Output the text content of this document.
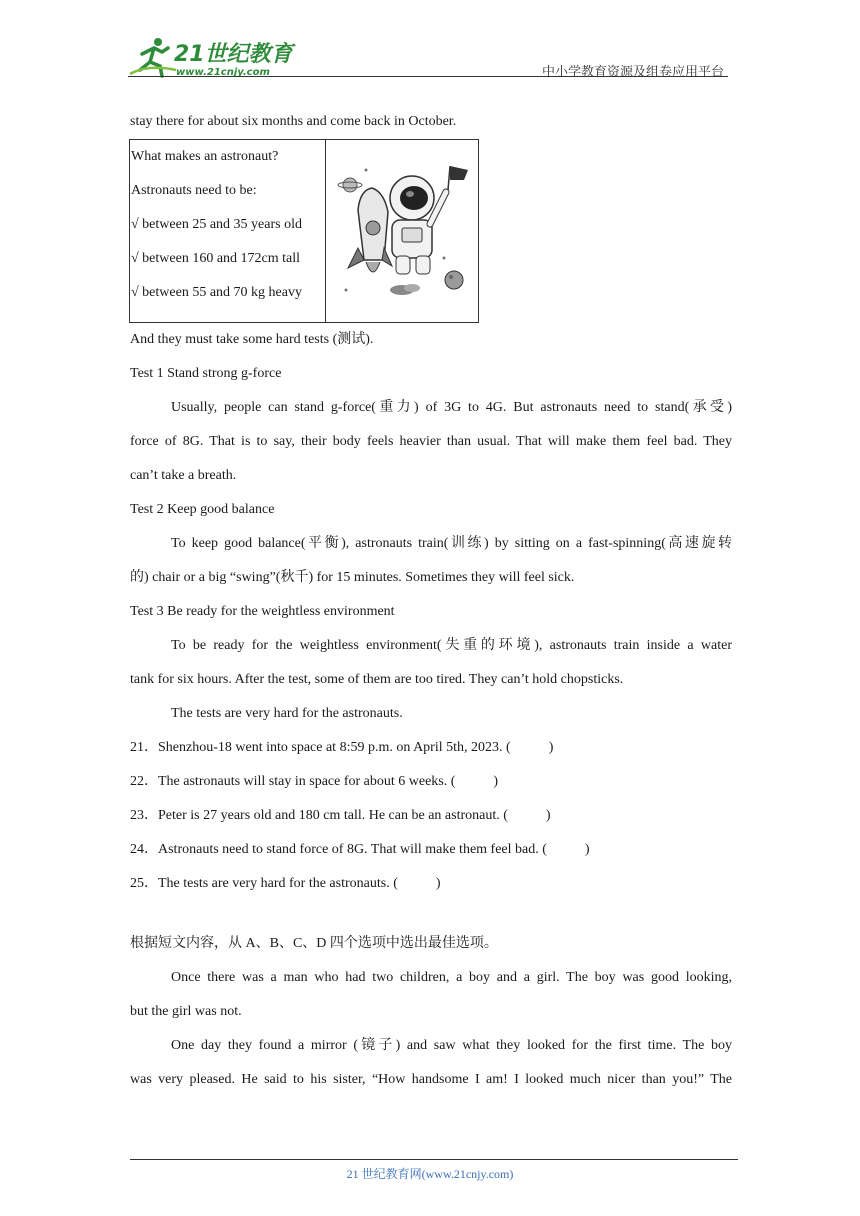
21世纪教育
www.21cnjy.com	中小学教育资源及组卷应用平台
stay there for about six months and come back in October.
What makes an astronaut?
Astronauts need to be:
√ between 25 and 35 years old
√ between 160 and 172cm tall
√ between 55 and 70 kg heavy
And they must take some hard tests (测试).
Test 1 Stand strong g-force
Usually, people can stand g-force(重力) of 3G to 4G. But astronauts need to stand(承受)
force of 8G. That is to say, their body feels heavier than usual. That will make them feel bad. They
can’t take a breath.
Test 2 Keep good balance
To keep good balance(平衡), astronauts train(训练) by sitting on a fast-spinning(高速旋转
的) chair or a big “swing”(秋千) for 15 minutes. Sometimes they will feel sick.
Test 3 Be ready for the weightless environment
To be ready for the weightless environment(失重的环境), astronauts train inside a water
tank for six hours. After the test, some of them are too tired. They can’t hold chopsticks.
The tests are very hard for the astronauts.
21．Shenzhou-18 went into space at 8:59 p.m. on April 5th, 2023. (	)
22．The astronauts will stay in space for about 6 weeks. (	)
23．Peter is 27 years old and 180 cm tall. He can be an astronaut. (	)
24．Astronauts need to stand force of 8G. That will make them feel bad. (	)
25．The tests are very hard for the astronauts. (	)
根据短文内容，从 A、B、C、D 四个选项中选出最佳选项。
Once there was a man who had two children, a boy and a girl. The boy was good looking,
but the girl was not.
One day they found a mirror (镜子) and saw what they looked for the first time. The boy
was very pleased. He said to his sister, “How handsome I am! I looked much nicer than you!” The
21 世纪教育网(www.21cnjy.com)
